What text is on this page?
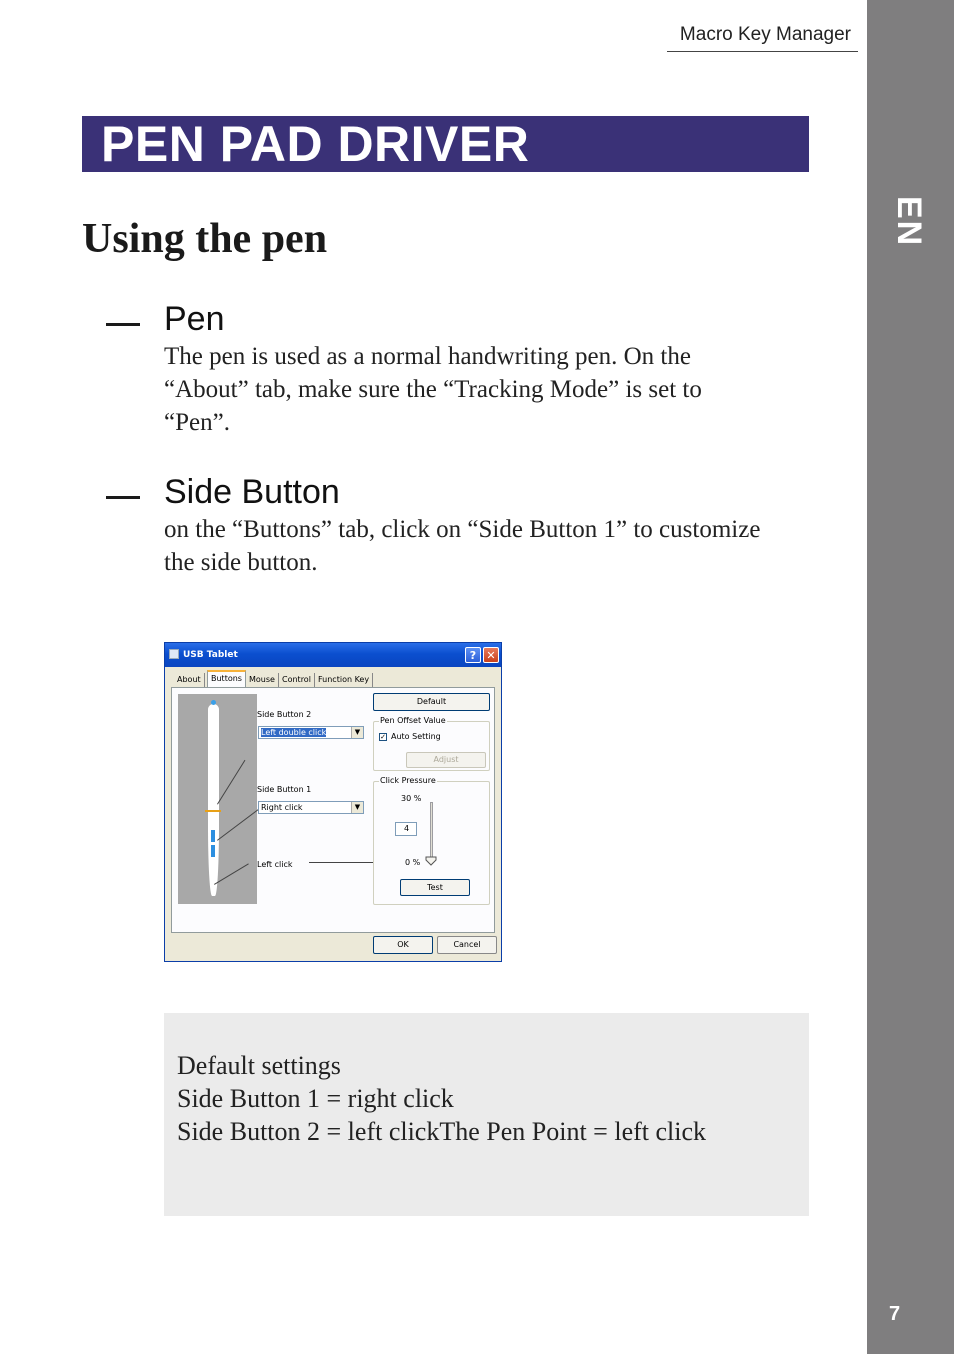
EN
7
Macro Key Manager
PEN PAD DRIVER
Using the pen
Pen
The pen is used as a normal handwriting pen. On the
“About” tab, make sure the “Tracking Mode” is set to
“Pen”.
Side Button
on the “Buttons” tab, click on “Side Button 1” to customize
the side button.
USB Tablet	? ✕
About	Buttons Mouse Control Function Key
Side Button 2
Left double click	▼
Side Button 1
Right click	▼
Left click
Default
Pen Offset Value
✓ Auto Setting
Adjust
Click Pressure
30 %
4
0 %
Test
OK	Cancel
Default settings
Side Button 1 = right click
Side Button 2 = left clickThe Pen Point = left click
